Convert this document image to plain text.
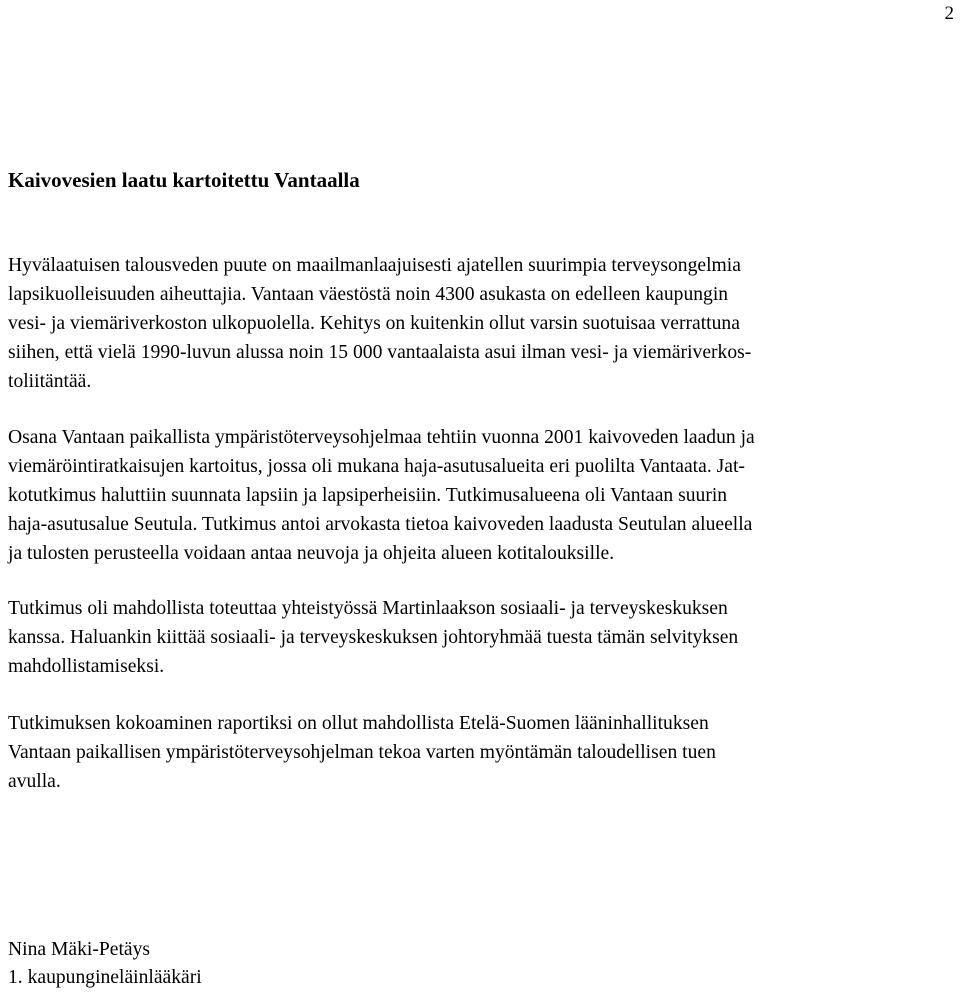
2
Kaivovesien laatu kartoitettu Vantaalla

Hyvälaatuisen talousveden puute on maailmanlaajuisesti ajatellen suurimpia terveysongelmia
lapsikuolleisuuden aiheuttajia. Vantaan väestöstä noin 4300 asukasta on edelleen kaupungin
vesi- ja viemäriverkoston ulkopuolella. Kehitys on kuitenkin ollut varsin suotuisaa verrattuna
siihen, että vielä 1990-luvun alussa noin 15 000 vantaalaista asui ilman vesi- ja viemäriverkos-
toliitäntää.

Osana Vantaan paikallista ympäristöterveysohjelmaa tehtiin vuonna 2001 kaivoveden laadun ja
viemäröintiratkaisujen kartoitus, jossa oli mukana haja-asutusalueita eri puolilta Vantaata. Jat-
kotutkimus haluttiin suunnata lapsiin ja lapsiperheisiin. Tutkimusalueena oli Vantaan suurin
haja-asutusalue Seutula. Tutkimus antoi arvokasta tietoa kaivoveden laadusta Seutulan alueella
ja tulosten perusteella voidaan antaa neuvoja ja ohjeita alueen kotitalouksille.

Tutkimus oli mahdollista toteuttaa yhteistyössä Martinlaakson sosiaali- ja terveyskeskuksen
kanssa. Haluankin kiittää sosiaali- ja terveyskeskuksen johtoryhmää tuesta tämän selvityksen
mahdollistamiseksi.

Tutkimuksen kokoaminen raportiksi on ollut mahdollista Etelä-Suomen lääninhallituksen
Vantaan paikallisen ympäristöterveysohjelman tekoa varten myöntämän taloudellisen tuen
avulla.

Nina Mäki-Petäys
1. kaupungineläinlääkäri
